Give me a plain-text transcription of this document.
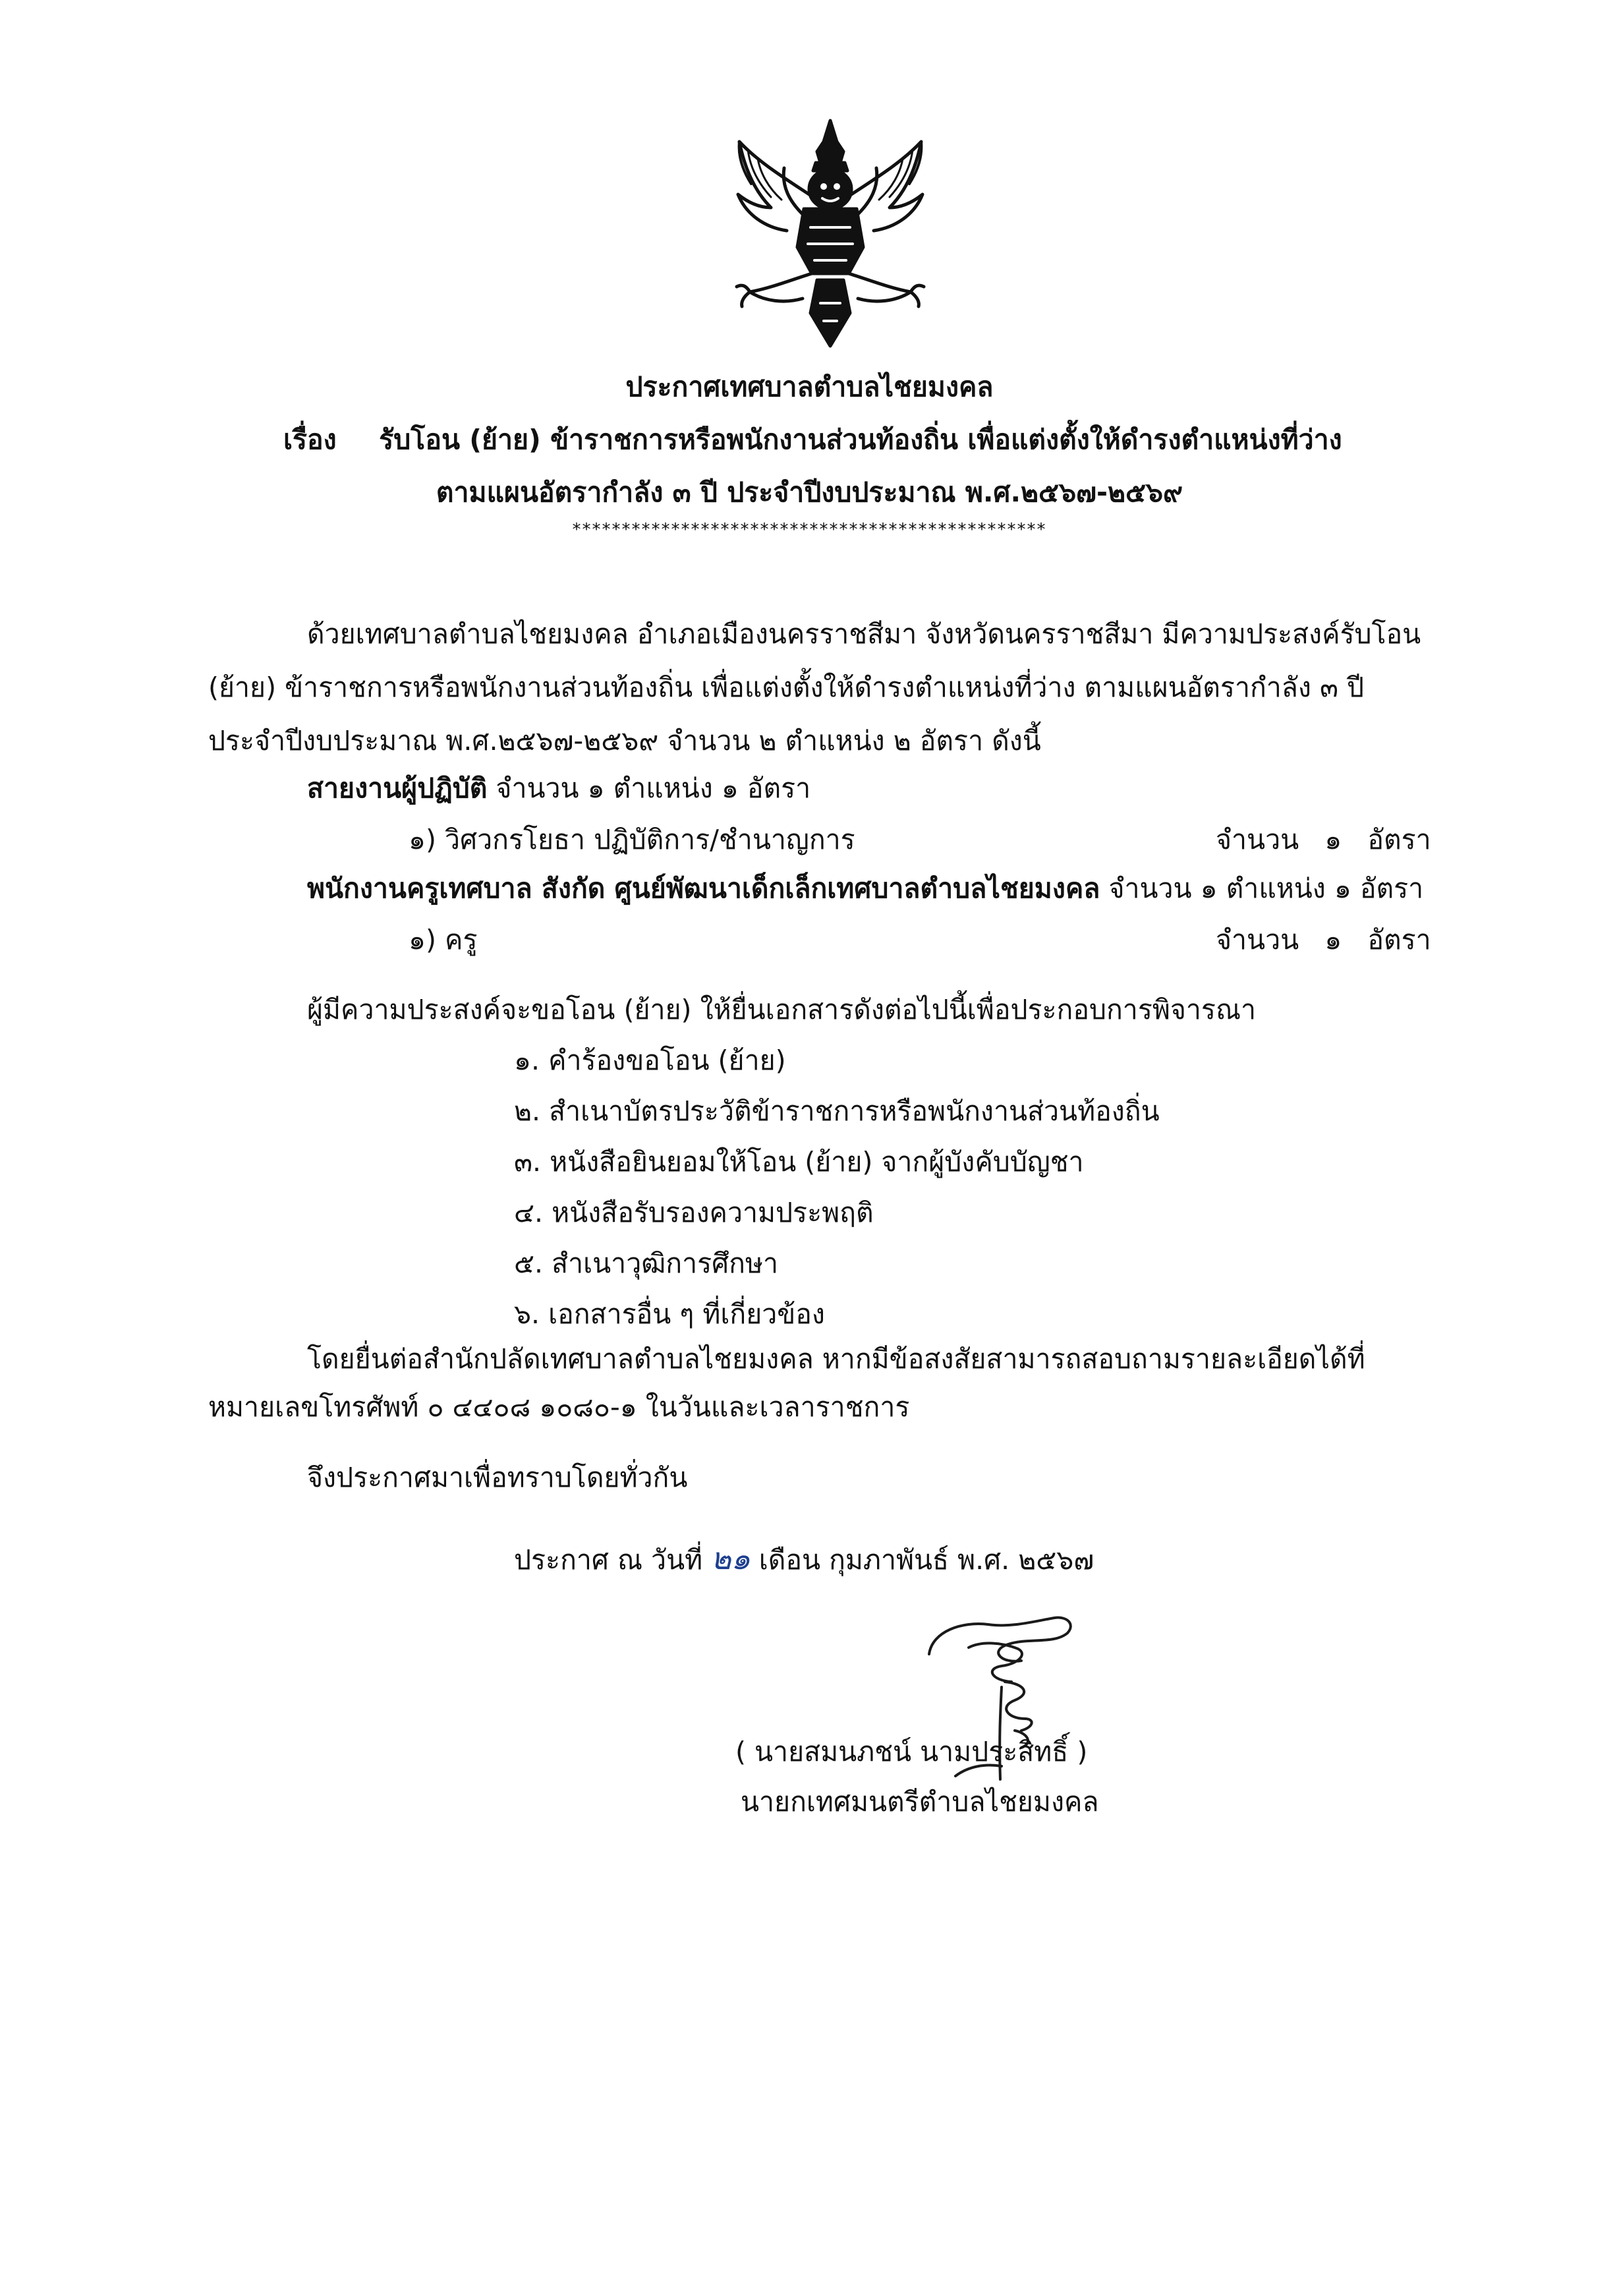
ประกาศเทศบาลตำบลไชยมงคล
เรื่อง รับโอน (ย้าย) ข้าราชการหรือพนักงานส่วนท้องถิ่น เพื่อแต่งตั้งให้ดำรงตำแหน่งที่ว่าง
ตามแผนอัตรากำลัง ๓ ปี ประจำปีงบประมาณ พ.ศ.๒๕๖๗-๒๕๖๙
************************************************
ด้วยเทศบาลตำบลไชยมงคล อำเภอเมืองนครราชสีมา จังหวัดนครราชสีมา มีความประสงค์รับโอน
(ย้าย) ข้าราชการหรือพนักงานส่วนท้องถิ่น เพื่อแต่งตั้งให้ดำรงตำแหน่งที่ว่าง ตามแผนอัตรากำลัง ๓ ปี
ประจำปีงบประมาณ พ.ศ.๒๕๖๗-๒๕๖๙ จำนวน ๒ ตำแหน่ง ๒ อัตรา ดังนี้
สายงานผู้ปฏิบัติ จำนวน ๑ ตำแหน่ง ๑ อัตรา
๑) วิศวกรโยธา ปฏิบัติการ/ชำนาญการ	จำนวน ๑ อัตรา
พนักงานครูเทศบาล สังกัด ศูนย์พัฒนาเด็กเล็กเทศบาลตำบลไชยมงคล จำนวน ๑ ตำแหน่ง ๑ อัตรา
๑) ครู	จำนวน ๑ อัตรา
ผู้มีความประสงค์จะขอโอน (ย้าย) ให้ยื่นเอกสารดังต่อไปนี้เพื่อประกอบการพิจารณา
๑. คำร้องขอโอน (ย้าย)
๒. สำเนาบัตรประวัติข้าราชการหรือพนักงานส่วนท้องถิ่น
๓. หนังสือยินยอมให้โอน (ย้าย) จากผู้บังคับบัญชา
๔. หนังสือรับรองความประพฤติ
๕. สำเนาวุฒิการศึกษา
๖. เอกสารอื่น ๆ ที่เกี่ยวข้อง
โดยยื่นต่อสำนักปลัดเทศบาลตำบลไชยมงคล หากมีข้อสงสัยสามารถสอบถามรายละเอียดได้ที่
หมายเลขโทรศัพท์ ๐ ๔๔๐๘ ๑๐๘๐-๑ ในวันและเวลาราชการ
จึงประกาศมาเพื่อทราบโดยทั่วกัน
ประกาศ ณ วันที่ ๒๑ เดือน กุมภาพันธ์ พ.ศ. ๒๕๖๗
( นายสมนภชน์ นามประสิทธิ์ )
นายกเทศมนตรีตำบลไชยมงคล
